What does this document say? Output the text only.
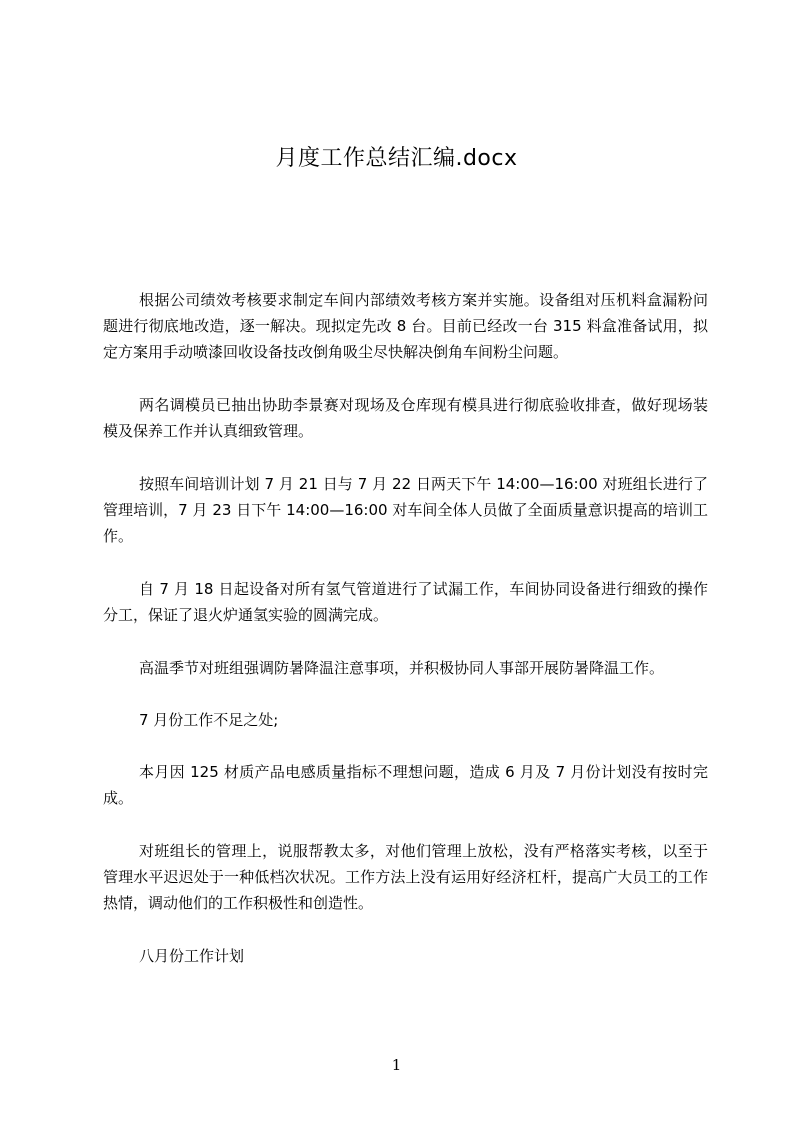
月度工作总结汇编.docx

根据公司绩效考核要求制定车间内部绩效考核方案并实施。设备组对压机料盒漏粉问题进行彻底地改造，逐一解决。现拟定先改 8 台。目前已经改一台 315 料盒准备试用，拟定方案用手动喷漆回收设备技改倒角吸尘尽快解决倒角车间粉尘问题。

两名调模员已抽出协助李景赛对现场及仓库现有模具进行彻底验收排查，做好现场装模及保养工作并认真细致管理。

按照车间培训计划 7 月 21 日与 7 月 22 日两天下午 14:00—16:00 对班组长进行了管理培训，7 月 23 日下午 14:00—16:00 对车间全体人员做了全面质量意识提高的培训工作。

自 7 月 18 日起设备对所有氢气管道进行了试漏工作，车间协同设备进行细致的操作分工，保证了退火炉通氢实验的圆满完成。

高温季节对班组强调防暑降温注意事项，并积极协同人事部开展防暑降温工作。

7 月份工作不足之处;

本月因 125 材质产品电感质量指标不理想问题，造成 6 月及 7 月份计划没有按时完成。

对班组长的管理上，说服帮教太多，对他们管理上放松，没有严格落实考核，以至于管理水平迟迟处于一种低档次状况。工作方法上没有运用好经济杠杆，提高广大员工的工作热情，调动他们的工作积极性和创造性。

八月份工作计划

1
